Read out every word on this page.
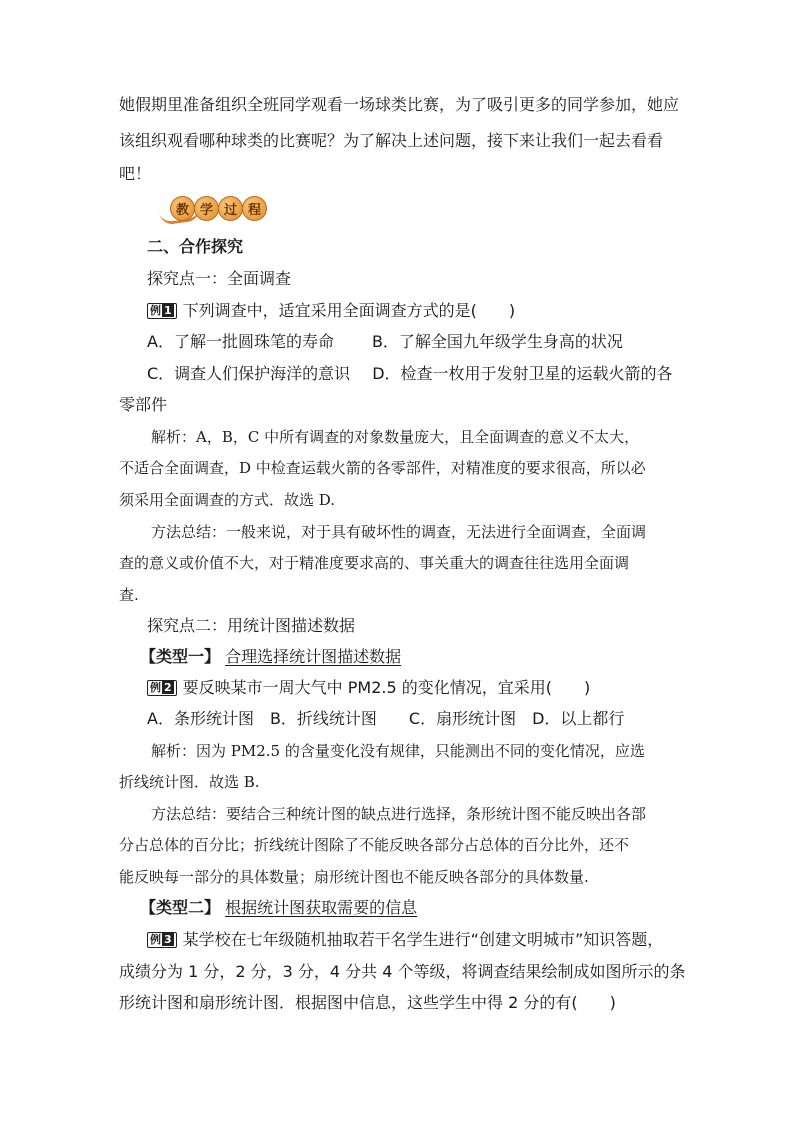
她假期里准备组织全班同学观看一场球类比赛，为了吸引更多的同学参加，她应
该组织观看哪种球类的比赛呢？为了解决上述问题，接下来让我们一起去看看
吧！
教 学 过 程
二、合作探究
探究点一：全面调查
例 1 下列调查中，适宜采用全面调查方式的是(　　)
A．了解一批圆珠笔的寿命 B．了解全国九年级学生身高的状况
C．调查人们保护海洋的意识 D．检查一枚用于发射卫星的运载火箭的各
零部件
解析：A，B，C 中所有调查的对象数量庞大，且全面调查的意义不太大，
不适合全面调查，D 中检查运载火箭的各零部件，对精准度的要求很高，所以必
须采用全面调查的方式．故选 D.
方法总结：一般来说，对于具有破坏性的调查，无法进行全面调查，全面调
查的意义或价值不大，对于精准度要求高的、事关重大的调查往往选用全面调
查.
探究点二：用统计图描述数据
【类型一】 合理选择统计图描述数据
例 2 要反映某市一周大气中 PM2.5 的变化情况，宜采用(　　)
A．条形统计图　B．折线统计图　　C．扇形统计图　D．以上都行
解析：因为 PM2.5 的含量变化没有规律，只能测出不同的变化情况，应选
折线统计图．故选 B.
方法总结：要结合三种统计图的缺点进行选择，条形统计图不能反映出各部
分占总体的百分比；折线统计图除了不能反映各部分占总体的百分比外，还不
能反映每一部分的具体数量；扇形统计图也不能反映各部分的具体数量.
【类型二】 根据统计图获取需要的信息
例 3 某学校在七年级随机抽取若干名学生进行“创建文明城市”知识答题，
成绩分为 1 分，2 分，3 分，4 分共 4 个等级，将调查结果绘制成如图所示的条
形统计图和扇形统计图．根据图中信息，这些学生中得 2 分的有(　　)
